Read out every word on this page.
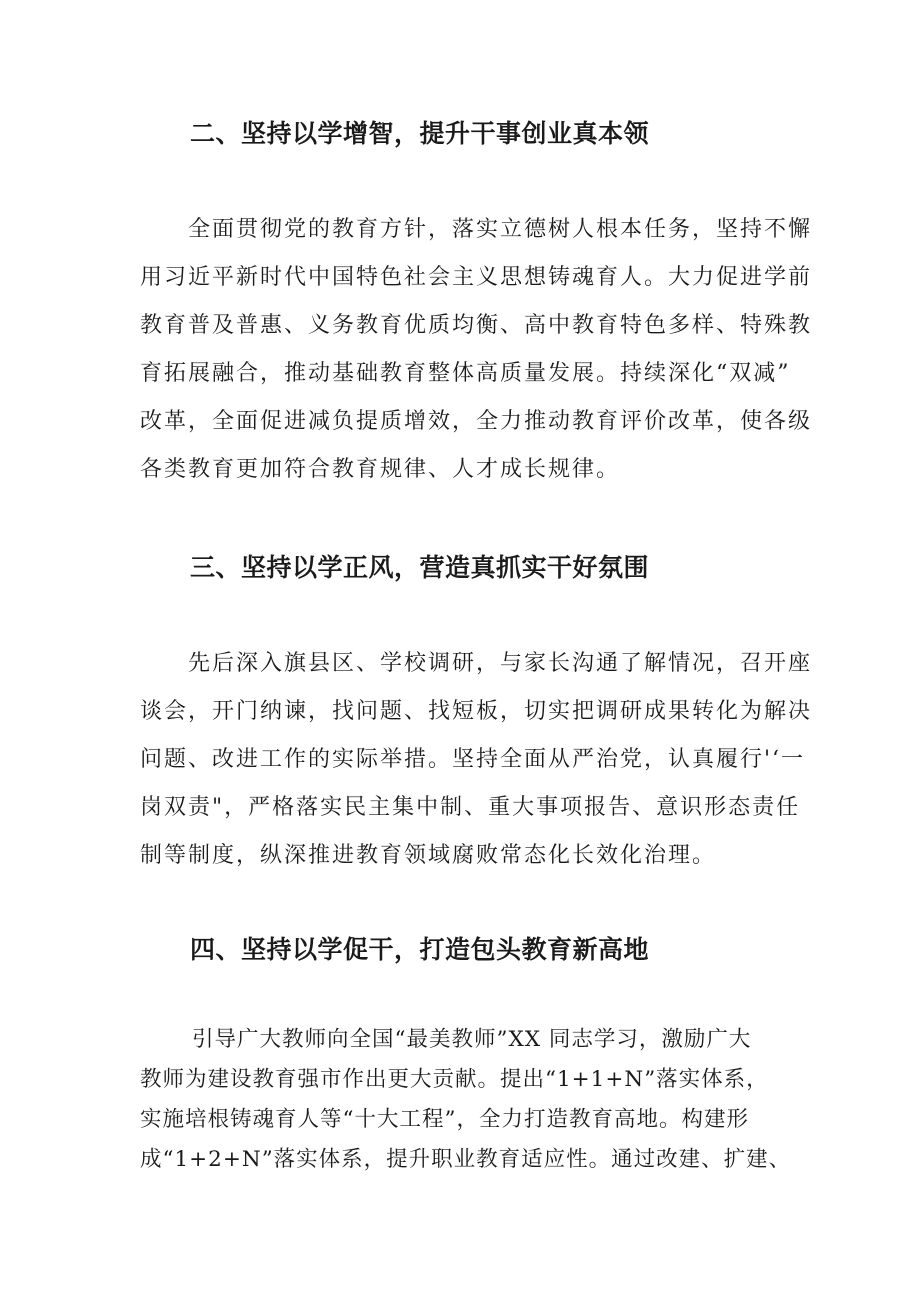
二、坚持以学增智，提升干事创业真本领
全面贯彻党的教育方针，落实立德树人根本任务，坚持不懈
用习近平新时代中国特色社会主义思想铸魂育人。大力促进学前
教育普及普惠、义务教育优质均衡、高中教育特色多样、特殊教
育拓展融合，推动基础教育整体高质量发展。持续深化“双减”
改革，全面促进减负提质增效，全力推动教育评价改革，使各级
各类教育更加符合教育规律、人才成长规律。
三、坚持以学正风，营造真抓实干好氛围
先后深入旗县区、学校调研，与家长沟通了解情况，召开座
谈会，开门纳谏，找问题、找短板，切实把调研成果转化为解决
问题、改进工作的实际举措。坚持全面从严治党，认真履行'‘一
岗双责"，严格落实民主集中制、重大事项报告、意识形态责任
制等制度，纵深推进教育领域腐败常态化长效化治理。
四、坚持以学促干，打造包头教育新高地
引导广大教师向全国“最美教师”XX 同志学习，激励广大
教师为建设教育强市作出更大贡献。提出“1+1+N”落实体系，
实施培根铸魂育人等“十大工程”，全力打造教育高地。构建形
成“1+2+N”落实体系，提升职业教育适应性。通过改建、扩建、
